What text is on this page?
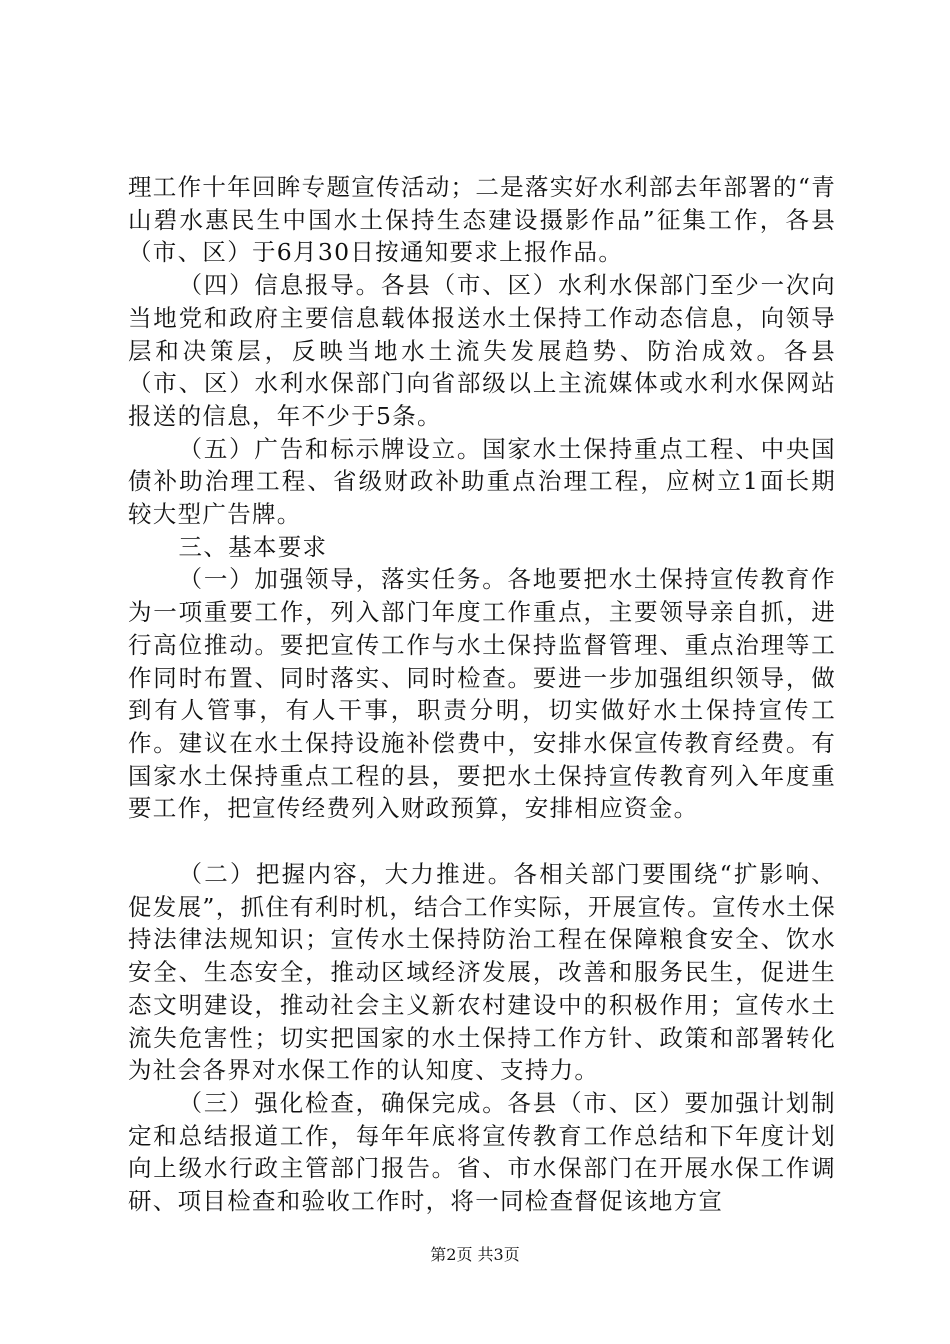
理工作十年回眸专题宣传活动；二是落实好水利部去年部署的“青山碧水惠民生中国水土保持生态建设摄影作品”征集工作，各县（市、区）于6月30日按通知要求上报作品。

（四）信息报导。各县（市、区）水利水保部门至少一次向当地党和政府主要信息载体报送水土保持工作动态信息，向领导层和决策层，反映当地水土流失发展趋势、防治成效。各县（市、区）水利水保部门向省部级以上主流媒体或水利水保网站报送的信息，年不少于5条。

（五）广告和标示牌设立。国家水土保持重点工程、中央国债补助治理工程、省级财政补助重点治理工程，应树立1面长期较大型广告牌。

三、基本要求

（一）加强领导，落实任务。各地要把水土保持宣传教育作为一项重要工作，列入部门年度工作重点，主要领导亲自抓，进行高位推动。要把宣传工作与水土保持监督管理、重点治理等工作同时布置、同时落实、同时检查。要进一步加强组织领导，做到有人管事，有人干事，职责分明，切实做好水土保持宣传工作。建议在水土保持设施补偿费中，安排水保宣传教育经费。有国家水土保持重点工程的县，要把水土保持宣传教育列入年度重要工作，把宣传经费列入财政预算，安排相应资金。

（二）把握内容，大力推进。各相关部门要围绕“扩影响、促发展”，抓住有利时机，结合工作实际，开展宣传。宣传水土保持法律法规知识；宣传水土保持防治工程在保障粮食安全、饮水安全、生态安全，推动区域经济发展，改善和服务民生，促进生态文明建设，推动社会主义新农村建设中的积极作用；宣传水土流失危害性；切实把国家的水土保持工作方针、政策和部署转化为社会各界对水保工作的认知度、支持力。

（三）强化检查，确保完成。各县（市、区）要加强计划制定和总结报道工作，每年年底将宣传教育工作总结和下年度计划向上级水行政主管部门报告。省、市水保部门在开展水保工作调研、项目检查和验收工作时，将一同检查督促该地方宣

第2页 共3页
